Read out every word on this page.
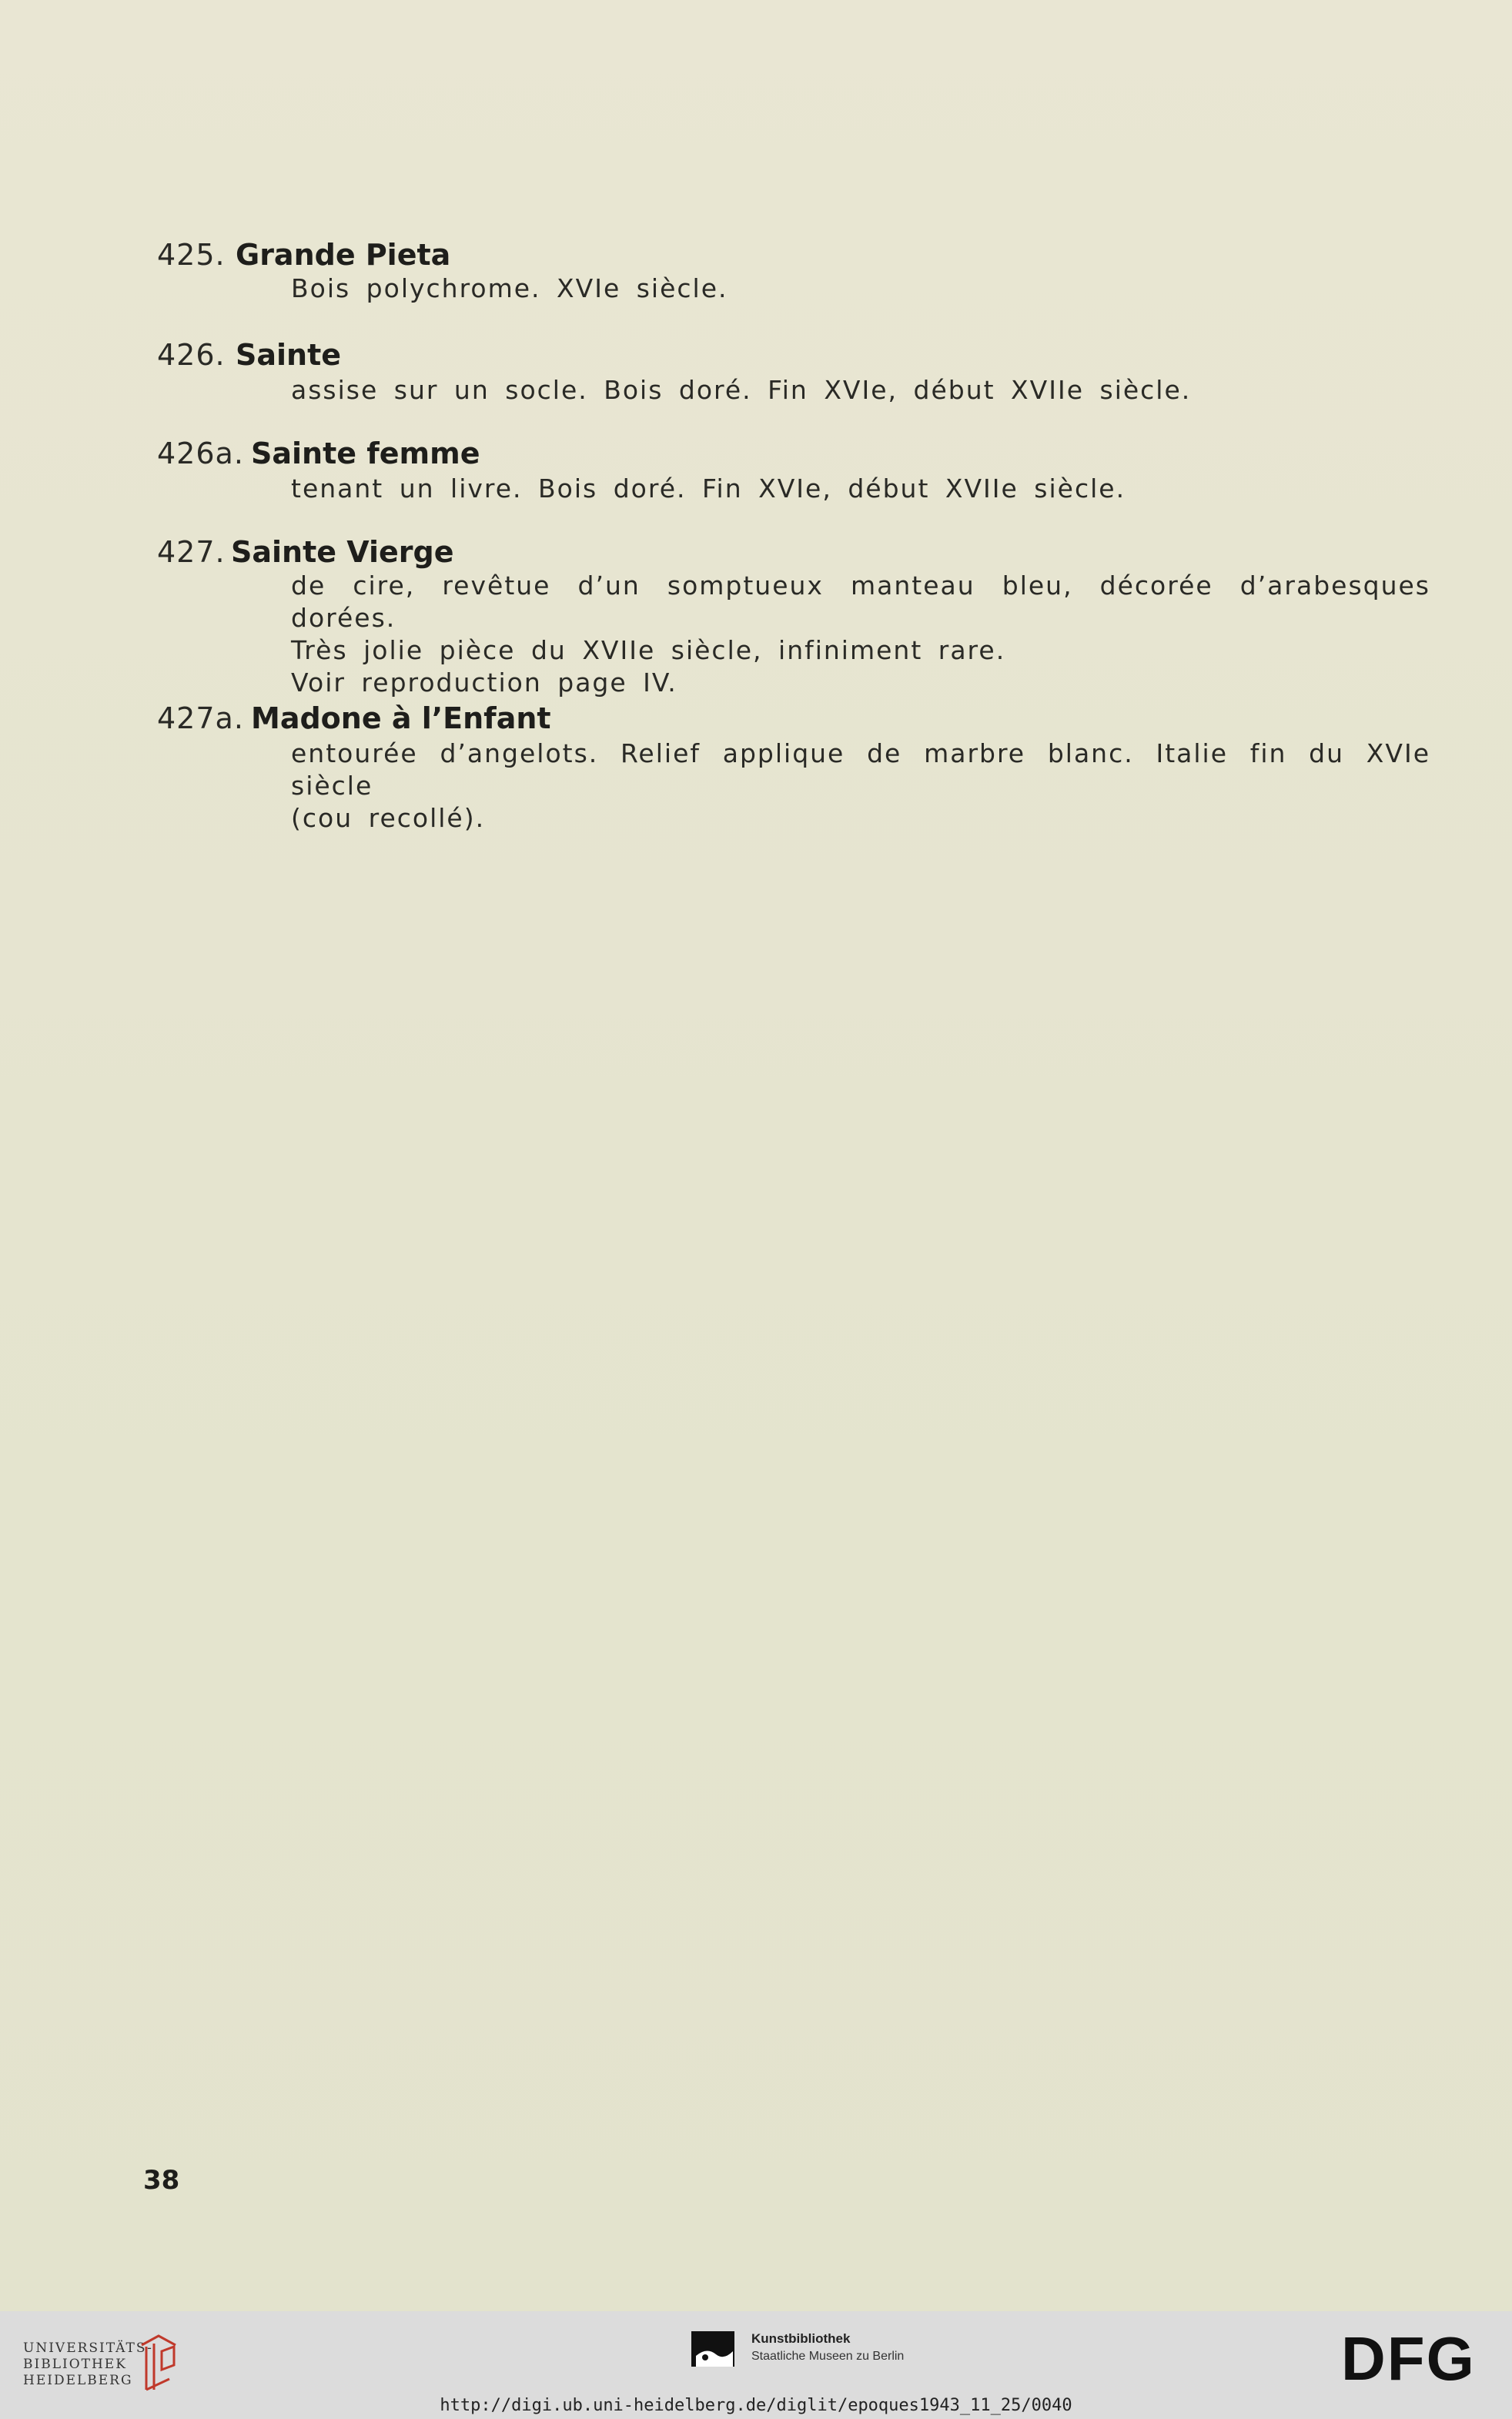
425. Grande Pieta
Bois polychrome. XVIe siècle.
426. Sainte
assise sur un socle. Bois doré. Fin XVIe, début XVIIe siècle.
426a. Sainte femme
tenant un livre. Bois doré. Fin XVIe, début XVIIe siècle.
427. Sainte Vierge
de cire, revêtue d’un somptueux manteau bleu, décorée d’arabesques dorées.
Très jolie pièce du XVIIe siècle, infiniment rare.
Voir reproduction page IV.
427a. Madone à l’Enfant
entourée d’angelots. Relief applique de marbre blanc. Italie fin du XVIe siècle
(cou recollé).
38
UNIVERSITÄTS-
BIBLIOTHEK
HEIDELBERG
Kunstbibliothek
Staatliche Museen zu Berlin	DFG
http://digi.ub.uni-heidelberg.de/diglit/epoques1943_11_25/0040
